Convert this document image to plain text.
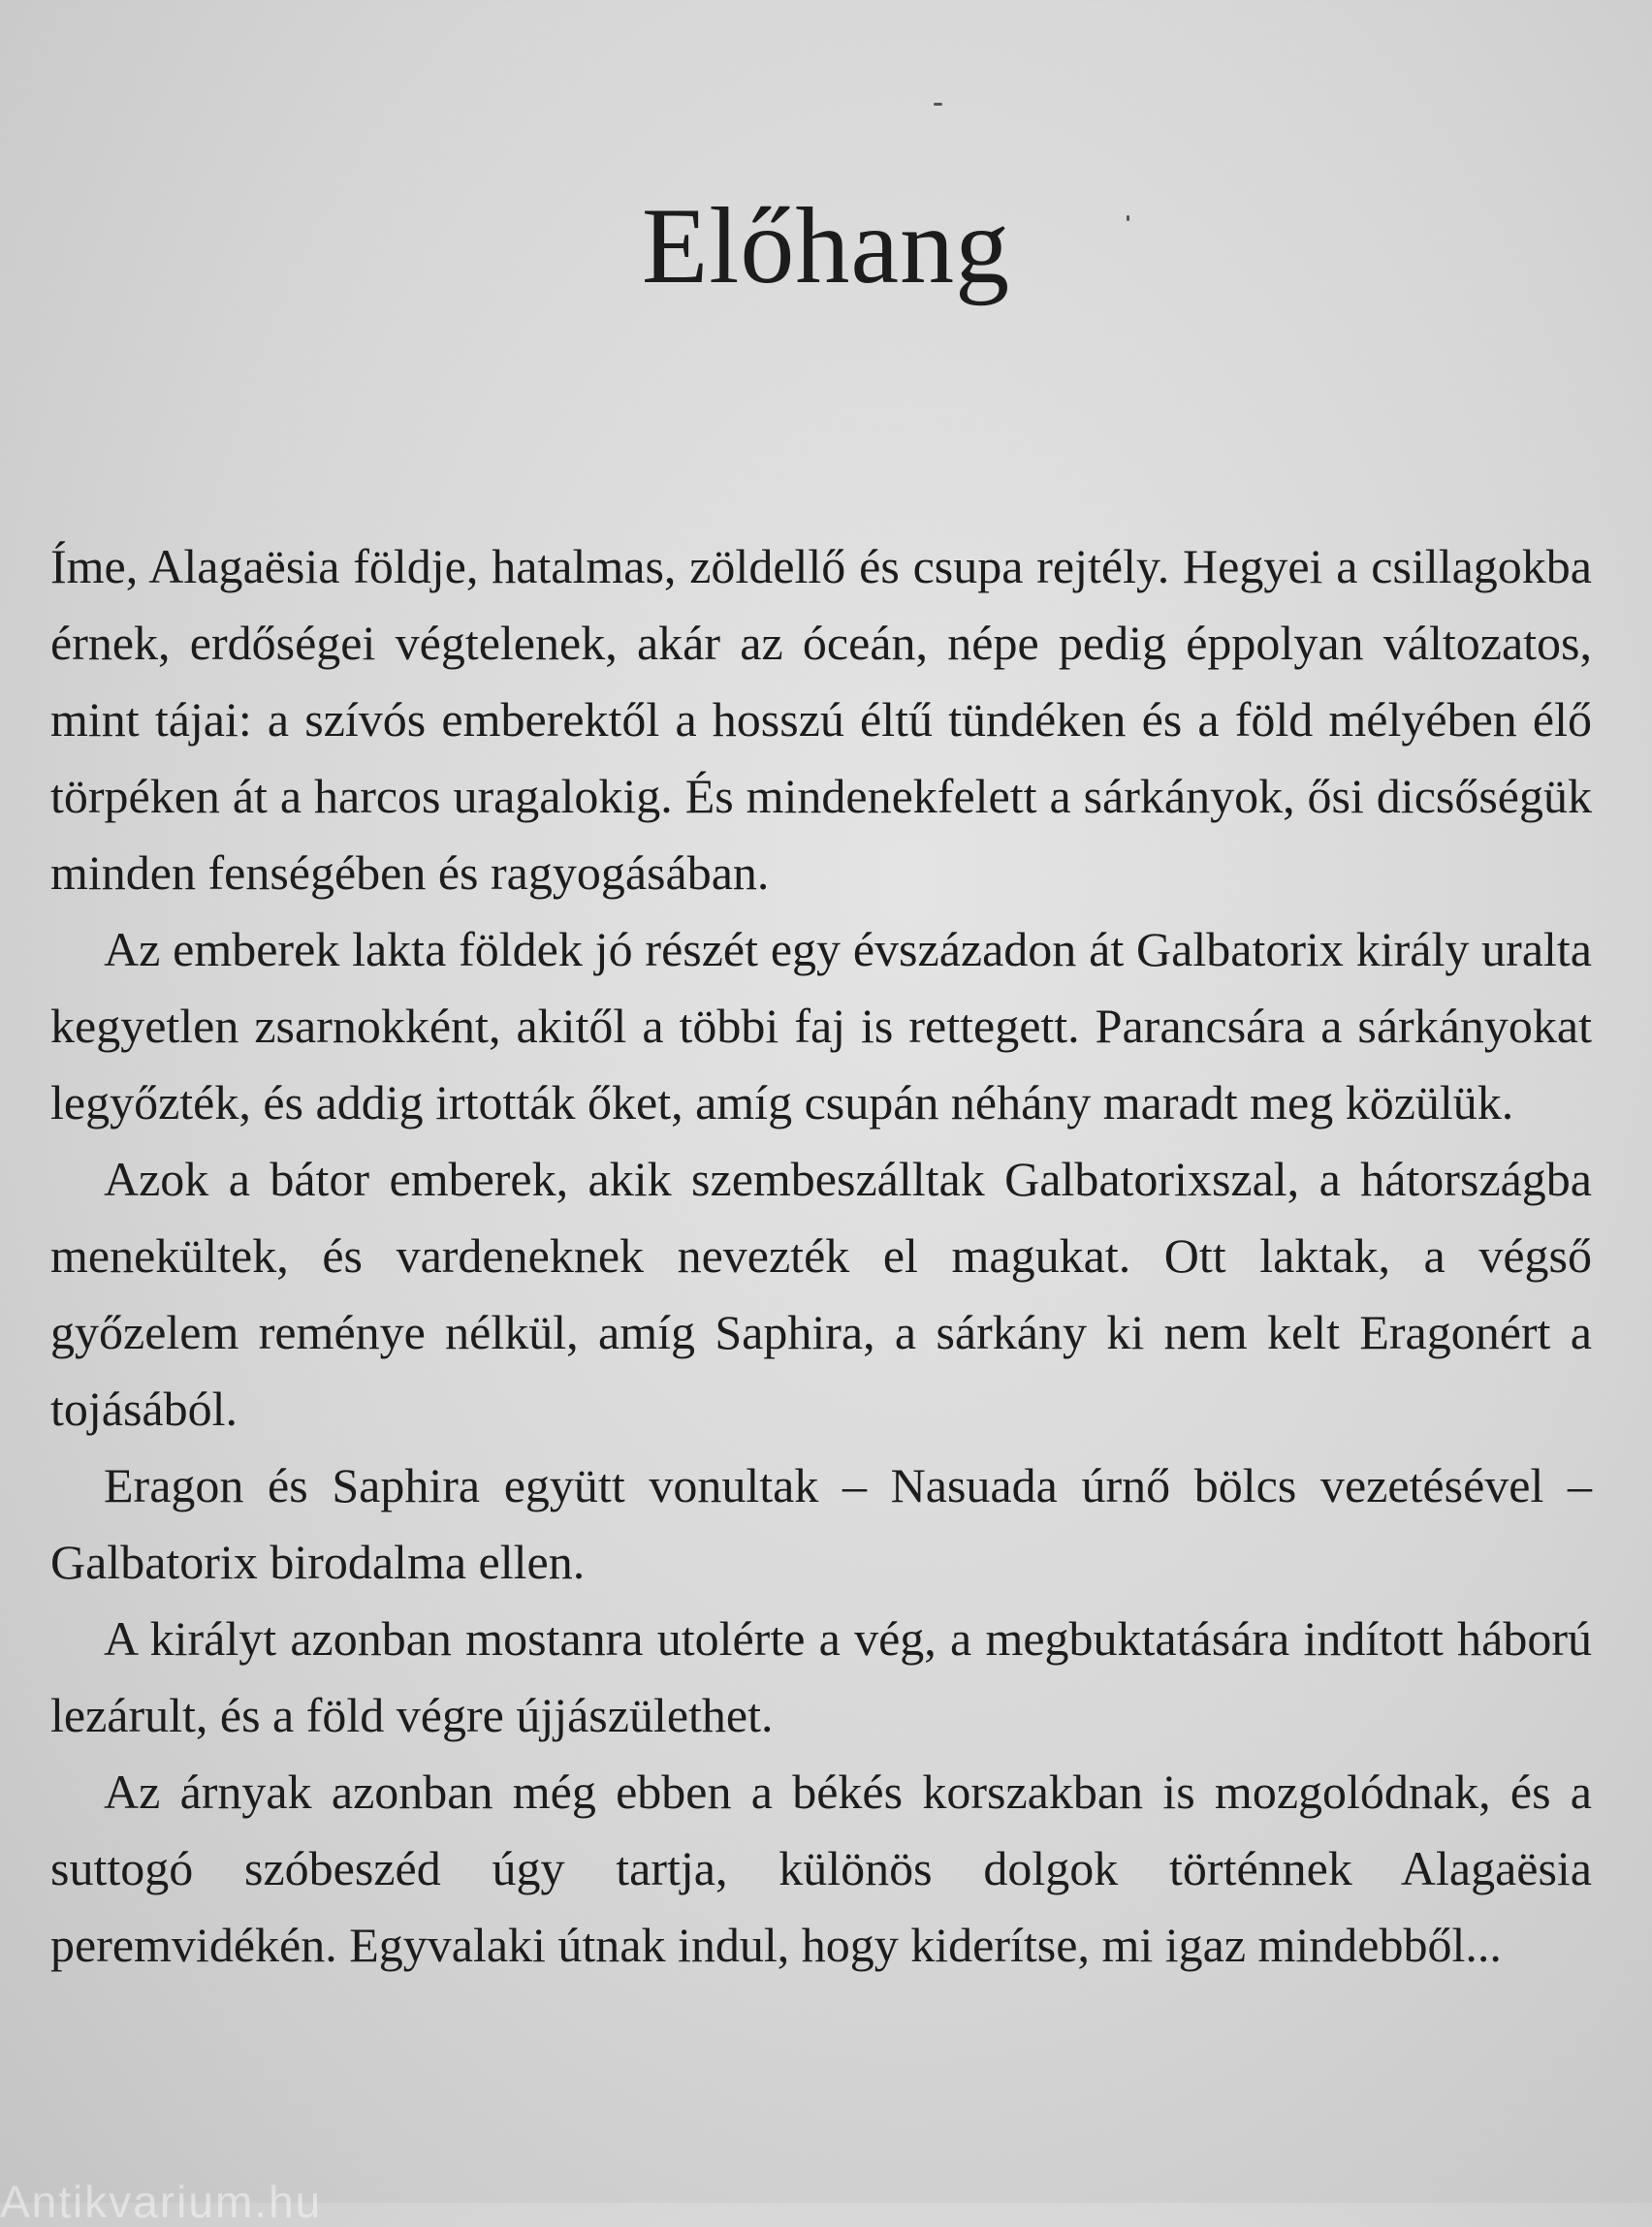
Előhang

Íme, Alagaësia földje, hatalmas, zöldellő és csupa rejtély. Hegyei a csillagokba érnek, erdőségei végtelenek, akár az óceán, népe pedig éppolyan változatos, mint tájai: a szívós emberektől a hosszú éltű tündéken és a föld mélyében élő törpéken át a harcos uragalokig. És mindenekfelett a sárkányok, ősi dicsőségük minden fenségében és ragyogásában.

Az emberek lakta földek jó részét egy évszázadon át Galbatorix király uralta kegyetlen zsarnokként, akitől a többi faj is rettegett. Parancsára a sárkányokat legyőzték, és addig irtották őket, amíg csupán néhány maradt meg közülük.

Azok a bátor emberek, akik szembeszálltak Galbatorixszal, a hátországba menekültek, és vardeneknek nevezték el magukat. Ott laktak, a végső győzelem reménye nélkül, amíg Saphira, a sárkány ki nem kelt Eragonért a tojásából.

Eragon és Saphira együtt vonultak – Nasuada úrnő bölcs vezetésével – Galbatorix birodalma ellen.

A királyt azonban mostanra utolérte a vég, a megbuktatására indított háború lezárult, és a föld végre újjászülethet.

Az árnyak azonban még ebben a békés korszakban is mozgolódnak, és a suttogó szóbeszéd úgy tartja, különös dolgok történnek Alagaësia peremvidékén. Egyvalaki útnak indul, hogy kiderítse, mi igaz mindebből...

Antikvarium.hu
